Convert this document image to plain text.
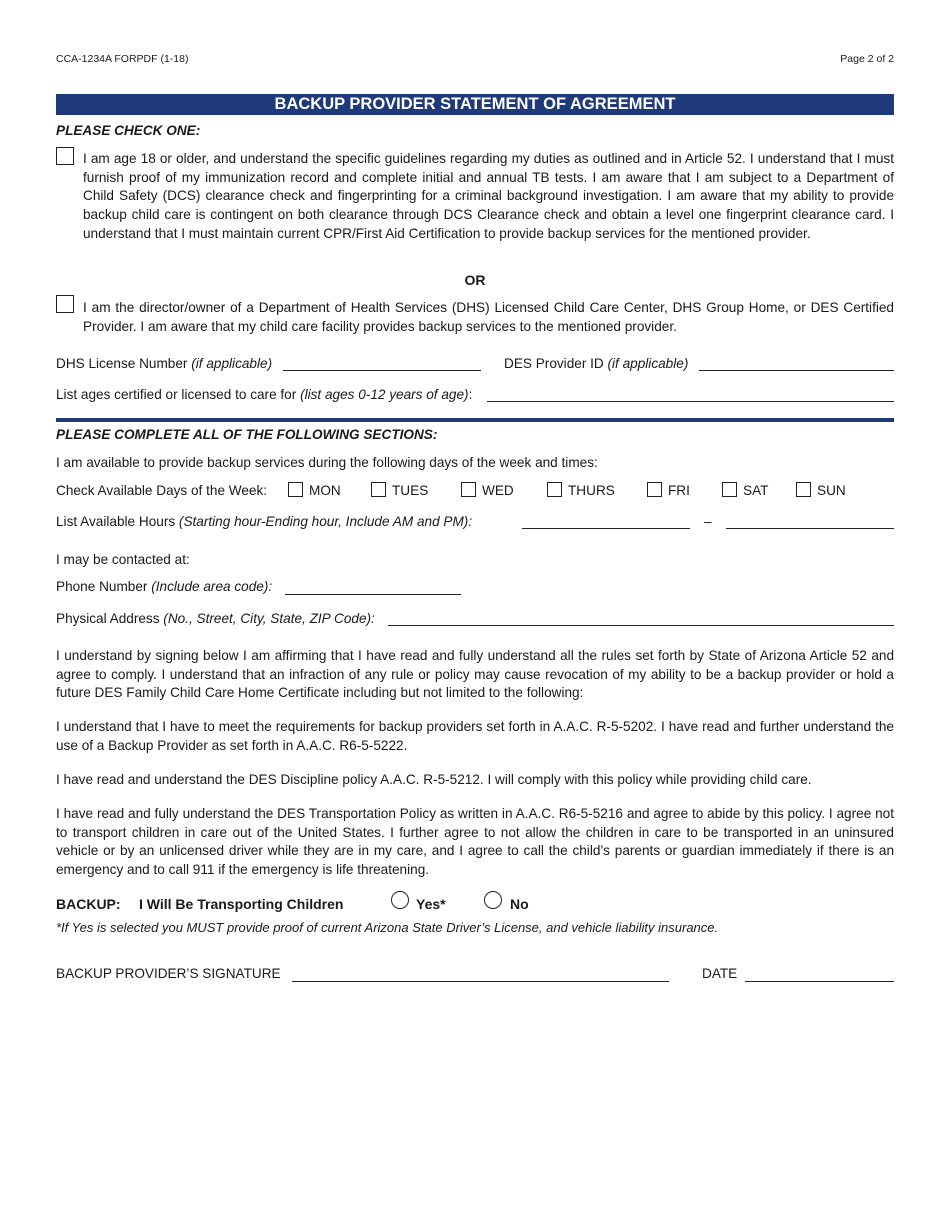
CCA-1234A FORPDF (1-18)	Page 2 of 2
BACKUP PROVIDER STATEMENT OF AGREEMENT
PLEASE CHECK ONE:
I am age 18 or older, and understand the specific guidelines regarding my duties as outlined and in Article 52. I understand that I must furnish proof of my immunization record and complete initial and annual TB tests. I am aware that I am subject to a Department of Child Safety (DCS) clearance check and fingerprinting for a criminal background investigation. I am aware that my ability to provide backup child care is contingent on both clearance through DCS Clearance check and obtain a level one fingerprint clearance card. I understand that I must maintain current CPR/First Aid Certification to provide backup services for the mentioned provider.
OR
I am the director/owner of a Department of Health Services (DHS) Licensed Child Care Center, DHS Group Home, or DES Certified Provider. I am aware that my child care facility provides backup services to the mentioned provider.
DHS License Number (if applicable)	DES Provider ID (if applicable)
List ages certified or licensed to care for (list ages 0-12 years of age):
PLEASE COMPLETE ALL OF THE FOLLOWING SECTIONS:
I am available to provide backup services during the following days of the week and times:
Check Available Days of the Week:	MON	TUES	WED	THURS	FRI	SAT	SUN
List Available Hours (Starting hour-Ending hour, Include AM and PM):	–
I may be contacted at:
Phone Number (Include area code):
Physical Address (No., Street, City, State, ZIP Code):
I understand by signing below I am affirming that I have read and fully understand all the rules set forth by State of Arizona Article 52 and agree to comply. I understand that an infraction of any rule or policy may cause revocation of my ability to be a backup provider or hold a future DES Family Child Care Home Certificate including but not limited to the following:
I understand that I have to meet the requirements for backup providers set forth in A.A.C. R-5-5202. I have read and further understand the use of a Backup Provider as set forth in A.A.C. R6-5-5222.
I have read and understand the DES Discipline policy A.A.C. R-5-5212. I will comply with this policy while providing child care.
I have read and fully understand the DES Transportation Policy as written in A.A.C. R6-5-5216 and agree to abide by this policy. I agree not to transport children in care out of the United States. I further agree to not allow the children in care to be transported in an uninsured vehicle or by an unlicensed driver while they are in my care, and I agree to call the child’s parents or guardian immediately if there is an emergency and to call 911 if the emergency is life threatening.
BACKUP: I Will Be Transporting Children	Yes*	No
*If Yes is selected you MUST provide proof of current Arizona State Driver’s License, and vehicle liability insurance.
BACKUP PROVIDER’S SIGNATURE	DATE
